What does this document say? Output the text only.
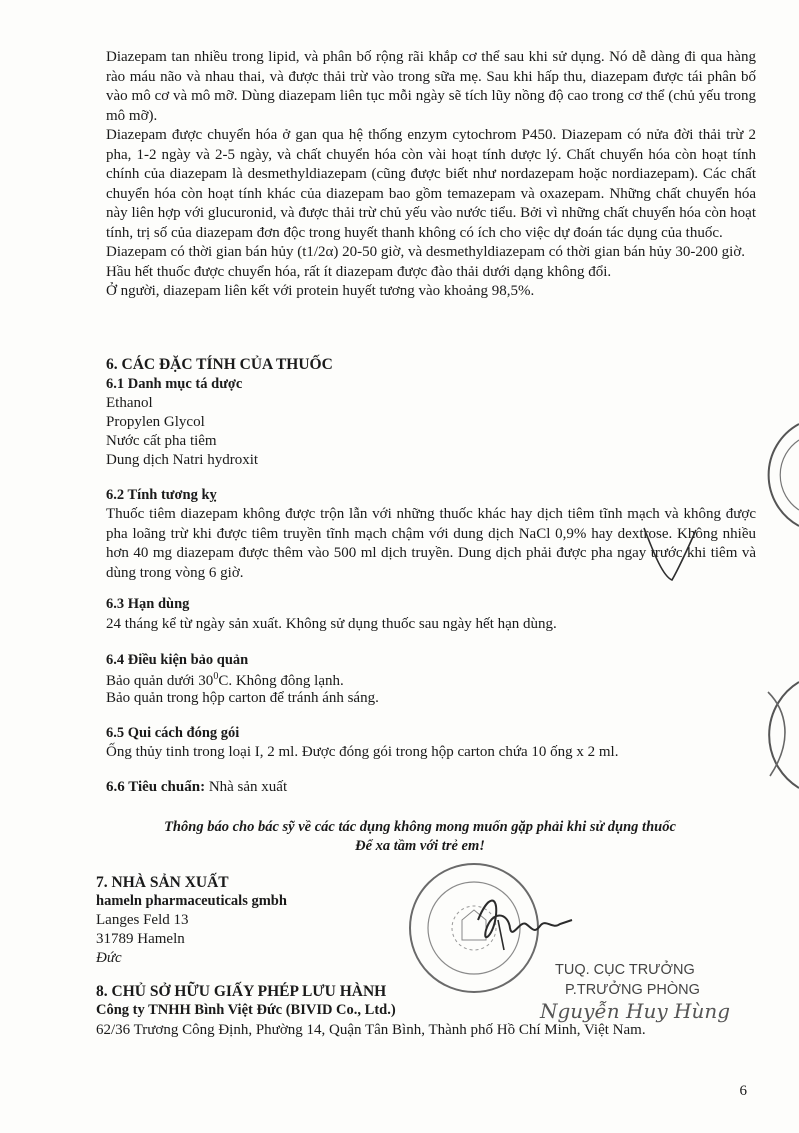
Diazepam tan nhiều trong lipid, và phân bố rộng rãi khắp cơ thể sau khi sử dụng. Nó dễ dàng đi qua hàng rào máu não và nhau thai, và được thải trừ vào trong sữa mẹ. Sau khi hấp thu, diazepam được tái phân bố vào mô cơ và mô mỡ. Dùng diazepam liên tục mỗi ngày sẽ tích lũy nồng độ cao trong cơ thể (chủ yếu trong mô mỡ).

Diazepam được chuyển hóa ở gan qua hệ thống enzym cytochrom P450. Diazepam có nửa đời thải trừ 2 pha, 1-2 ngày và 2-5 ngày, và chất chuyển hóa còn vài hoạt tính dược lý. Chất chuyển hóa còn hoạt tính chính của diazepam là desmethyldiazepam (cũng được biết như nordazepam hoặc nordiazepam). Các chất chuyển hóa còn hoạt tính khác của diazepam bao gồm temazepam và oxazepam. Những chất chuyển hóa này liên hợp với glucuronid, và được thải trừ chủ yếu vào nước tiểu. Bởi vì những chất chuyển hóa còn hoạt tính, trị số của diazepam đơn độc trong huyết thanh không có ích cho việc dự đoán tác dụng của thuốc.

Diazepam có thời gian bán hủy (t1/2α) 20-50 giờ, và desmethyldiazepam có thời gian bán hủy 30-200 giờ.

Hầu hết thuốc được chuyển hóa, rất ít diazepam được đào thải dưới dạng không đổi.

Ở người, diazepam liên kết với protein huyết tương vào khoảng 98,5%.

6. CÁC ĐẶC TÍNH CỦA THUỐC
6.1 Danh mục tá dược
Ethanol
Propylen Glycol
Nước cất pha tiêm
Dung dịch Natri hydroxit
6.2 Tính tương kỵ
Thuốc tiêm diazepam không được trộn lẫn với những thuốc khác hay dịch tiêm tĩnh mạch và không được pha loãng trừ khi được tiêm truyền tĩnh mạch chậm với dung dịch NaCl 0,9% hay dextrose. Không nhiều hơn 40 mg diazepam được thêm vào 500 ml dịch truyền. Dung dịch phải được pha ngay trước khi tiêm và dùng trong vòng 6 giờ.
6.3 Hạn dùng
24 tháng kể từ ngày sản xuất. Không sử dụng thuốc sau ngày hết hạn dùng.
6.4 Điều kiện bảo quản
Bảo quản dưới $30^0C$. Không đông lạnh.
Bảo quản trong hộp carton để tránh ánh sáng.
6.5 Qui cách đóng gói
Ống thủy tinh trong loại I, 2 ml. Được đóng gói trong hộp carton chứa 10 ống x 2 ml.
6.6 Tiêu chuẩn: Nhà sản xuất
Thông báo cho bác sỹ về các tác dụng không mong muốn gặp phải khi sử dụng thuốc
Để xa tầm với trẻ em!
7. NHÀ SẢN XUẤT
hameln pharmaceuticals gmbh
Langes Feld 13
31789 Hameln
Đức
8. CHỦ SỞ HỮU GIẤY PHÉP LƯU HÀNH
Công ty TNHH Bình Việt Đức (BIVID Co., Ltd.)
62/36 Trương Công Định, Phường 14, Quận Tân Bình, Thành phố Hồ Chí Minh, Việt Nam.
TUQ. CỤC TRƯỞNG
P.TRƯỞNG PHÒNG
Nguyễn Huy Hùng
6
